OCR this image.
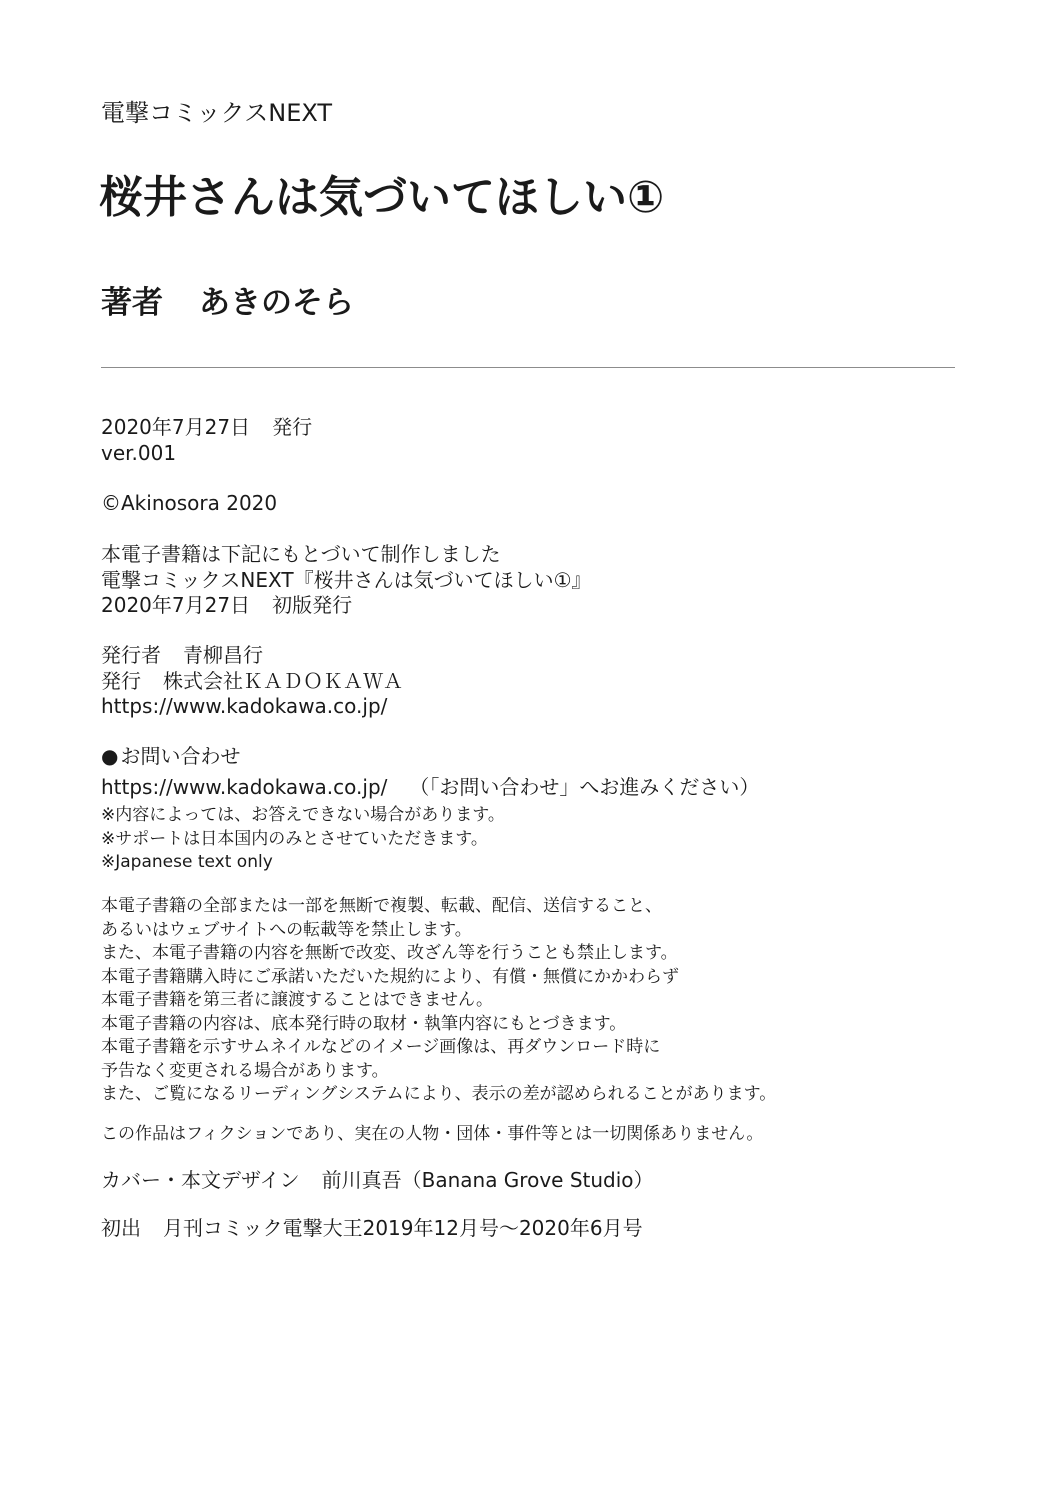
電撃コミックスNEXT
桜井さんは気づいてほしい①
著者 あきのそら
2020年7月27日 発行
ver.001
©Akinosora 2020
本電子書籍は下記にもとづいて制作しました
電撃コミックスNEXT『桜井さんは気づいてほしい①』
2020年7月27日 初版発行
発行者 青柳昌行
発行 株式会社ＫＡＤＯＫＡＷＡ
https://www.kadokawa.co.jp/
● お問い合わせ
https://www.kadokawa.co.jp/ （「お問い合わせ」へお進みください）
※内容によっては、お答えできない場合があります。
※サポートは日本国内のみとさせていただきます。
※Japanese text only
本電子書籍の全部または一部を無断で複製、転載、配信、送信すること、
あるいはウェブサイトへの転載等を禁止します。
また、本電子書籍の内容を無断で改変、改ざん等を行うことも禁止します。
本電子書籍購入時にご承諾いただいた規約により、有償・無償にかかわらず
本電子書籍を第三者に譲渡することはできません。
本電子書籍の内容は、底本発行時の取材・執筆内容にもとづきます。
本電子書籍を示すサムネイルなどのイメージ画像は、再ダウンロード時に
予告なく変更される場合があります。
また、ご覧になるリーディングシステムにより、表示の差が認められることがあります。
この作品はフィクションであり、実在の人物・団体・事件等とは一切関係ありません。
カバー・本文デザイン 前川真吾（Banana Grove Studio）
初出 月刊コミック電撃大王2019年12月号～2020年6月号
